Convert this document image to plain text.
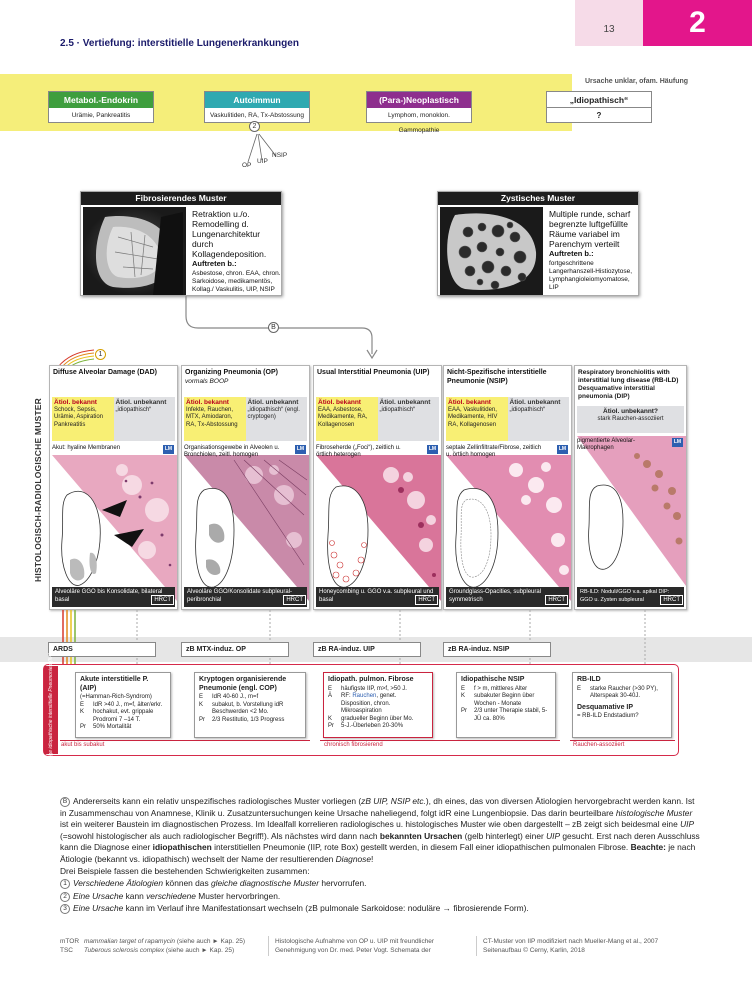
13	2
2.5 · Vertiefung: interstitielle Lungenerkrankungen
Ursache unklar, ofam. Häufung
Metabol.-Endokrin
Urämie, Pankreatitis
Autoimmun
Vaskulitiden, RA, Tx-Abstossung
(Para-)Neoplastisch
Lymphom, monoklon. Gammopathie
„Idiopathisch“
?
2
OP
UIP
NSIP
Fibrosierendes Muster
Retraktion u./o. Remodelling d. Lungenarchitektur durch Kollagendeposition.
Auftreten b.:
Asbestose, chron. EAA, chron. Sarkoidose, medikamentös, Kollag./ Vaskulitis, UIP, NSIP
Zystisches Muster
Multiple runde, scharf begrenzte luftgefüllte Räume variabel im Parenchym verteilt
Auftreten b.:
fortgeschrittene Langerhanszell-Histiozytose, Lymphangioleiomyomatose, LIP
B
1
HISTOLOGISCH-RADIOLOGISCHE MUSTER
Diffuse Alveolar Damage (DAD)
Ätiol. bekannt
Schock, Sepsis, Urämie, Aspiration Pankreatitis
Ätiol. unbekannt
„idiopathisch“
Akut: hyaline Membranen	LM
Alveoläre GGO bis Konsolidate, bilateral basal	HRCT
Organizing Pneumonia (OP)
vormals BOOP
Ätiol. bekannt
Infekte, Rauchen, MTX, Amiodaron, RA, Tx-Abstossung
Ätiol. unbekannt
„idiopathisch“ (engl. cryptogen)
Organisationsgewebe in Alveolen u. Bronchiolen, zeitl. homogen
LM
Alveoläre GGO/Konsolidate subpleural-peribronchial	HRCT
Usual Interstitial Pneumonia (UIP)
Ätiol. bekannt
EAA, Asbestose, Medikamente, RA, Kollagenosen
Ätiol. unbekannt
„idiopathisch“
Fibroseherde („Foci“), zeitlich u. örtlich heterogen
LM
Honeycombing u. GGO v.a. subpleural und basal	HRCT
Nicht-Spezifische interstitielle Pneumonie (NSIP)
Ätiol. bekannt
EAA, Vaskulitiden, Medikamente, HIV RA, Kollagenosen
Ätiol. unbekannt
„idiopathisch“
septale Zellinfiltrate/Fibrose, zeitlich u. örtlich homogen
LM
Groundglass-Opacities, subpleural symmetrisch	HRCT
Respiratory bronchiolitis with interstitial lung disease (RB-ILD)
Desquamative interstitial pneumonia (DIP)
Ätiol. unbekannt?
stark Rauchen-assoziiert
pigmentierte Alveolar-Makrophagen
LM
RB-ILD: Noduli/GGO v.a. apikal DIP: GGO u. Zysten subpleural	HRCT
ARDS	zB MTX-induz. OP	zB RA-induz. UIP	zB RA-induz. NSIP
Häufige idiopathische interstitielle Pneumonien (IIP)	Akute interstitielle P. (AIP)
(=Hamman-Rich-Syndrom)
E	IdR >40 J., m=f, älter/erkr.
K	hochakut, evt. grippale Prodromi 7 –14 T.
Pr	50% Mortalität
Kryptogen organisierende Pneumonie (engl. COP)
E	IdR 40-60 J., m=f
K	subakut, b. Vorstellung idR Beschwerden <2 Mo.
Pr	2/3 Restitutio, 1/3 Progress
Idiopath. pulmon. Fibrose
E	häufigste IIP, m>f, >50 J.
Ä	RF: Rauchen, genet. Disposition, chron. Mikroaspiration
K	gradueller Beginn über Mo.
Pr	5-J.-Überleben 20-30%
Idiopathische NSIP
E	f > m, mittleres Alter
K	subakuter Beginn über Wochen - Monate
Pr	2/3 unter Therapie stabil, 5-JÜ ca. 80%
RB-ILD
E	starke Raucher (>30 PY), Alterspeak 30-40J.
Desquamative IP
= RB-ILD Endstadium?
akut bis subakut	chronisch fibrosierend	Rauchen-assoziiert

B Andererseits kann ein relativ unspezifisches radiologisches Muster vorliegen (zB UIP, NSIP etc.), dh eines, das von diversen Ätiologien hervorgebracht werden kann. Ist in Zusammenschau von Anamnese, Klinik u. Zusatzuntersuchungen keine Ursache naheliegend, folgt idR eine Lungenbiopsie. Das darin beurteilbare histologische Muster ist ein weiterer Baustein im diagnostischen Prozess. Im Idealfall korrelieren radiologisches u. histologisches Muster wie oben dargestellt – zB zeigt sich beidesmal eine UIP (=sowohl histologischer als auch radiologischer Begriff!). Als nächstes wird dann nach bekannten Ursachen (gelb hinterlegt) einer UIP gesucht. Erst nach deren Ausschluss kann die Diagnose einer idiopathischen interstitiellen Pneumonie (IIP, rote Box) gestellt werden, in diesem Fall einer idiopathischen pulmonalen Fibrose. Beachte: je nach Ätiologie (bekannt vs. idiopathisch) wechselt der Name der resultierenden Diagnose!

Drei Beispiele fassen die bestehenden Schwierigkeiten zusammen:

1 Verschiedene Ätiologien können das gleiche diagnostische Muster hervorrufen.

2 Eine Ursache kann verschiedene Muster hervorbringen.

3 Eine Ursache kann im Verlauf ihre Manifestationsart wechseln (zB pulmonale Sarkoidose: noduläre → fibrosierende Form).

mTOR mammalian target of rapamycin (siehe auch ► Kap. 25)
TSC Tuberous sclerosis complex (siehe auch ► Kap. 25)
Histologische Aufnahme von OP u. UIP mit freundlicher Genehmigung von Dr. med. Peter Vogt. Schemata der
CT-Muster von IIP modifiziert nach Mueller-Mang et al., 2007 Seitenaufbau © Cerny, Karlin, 2018
